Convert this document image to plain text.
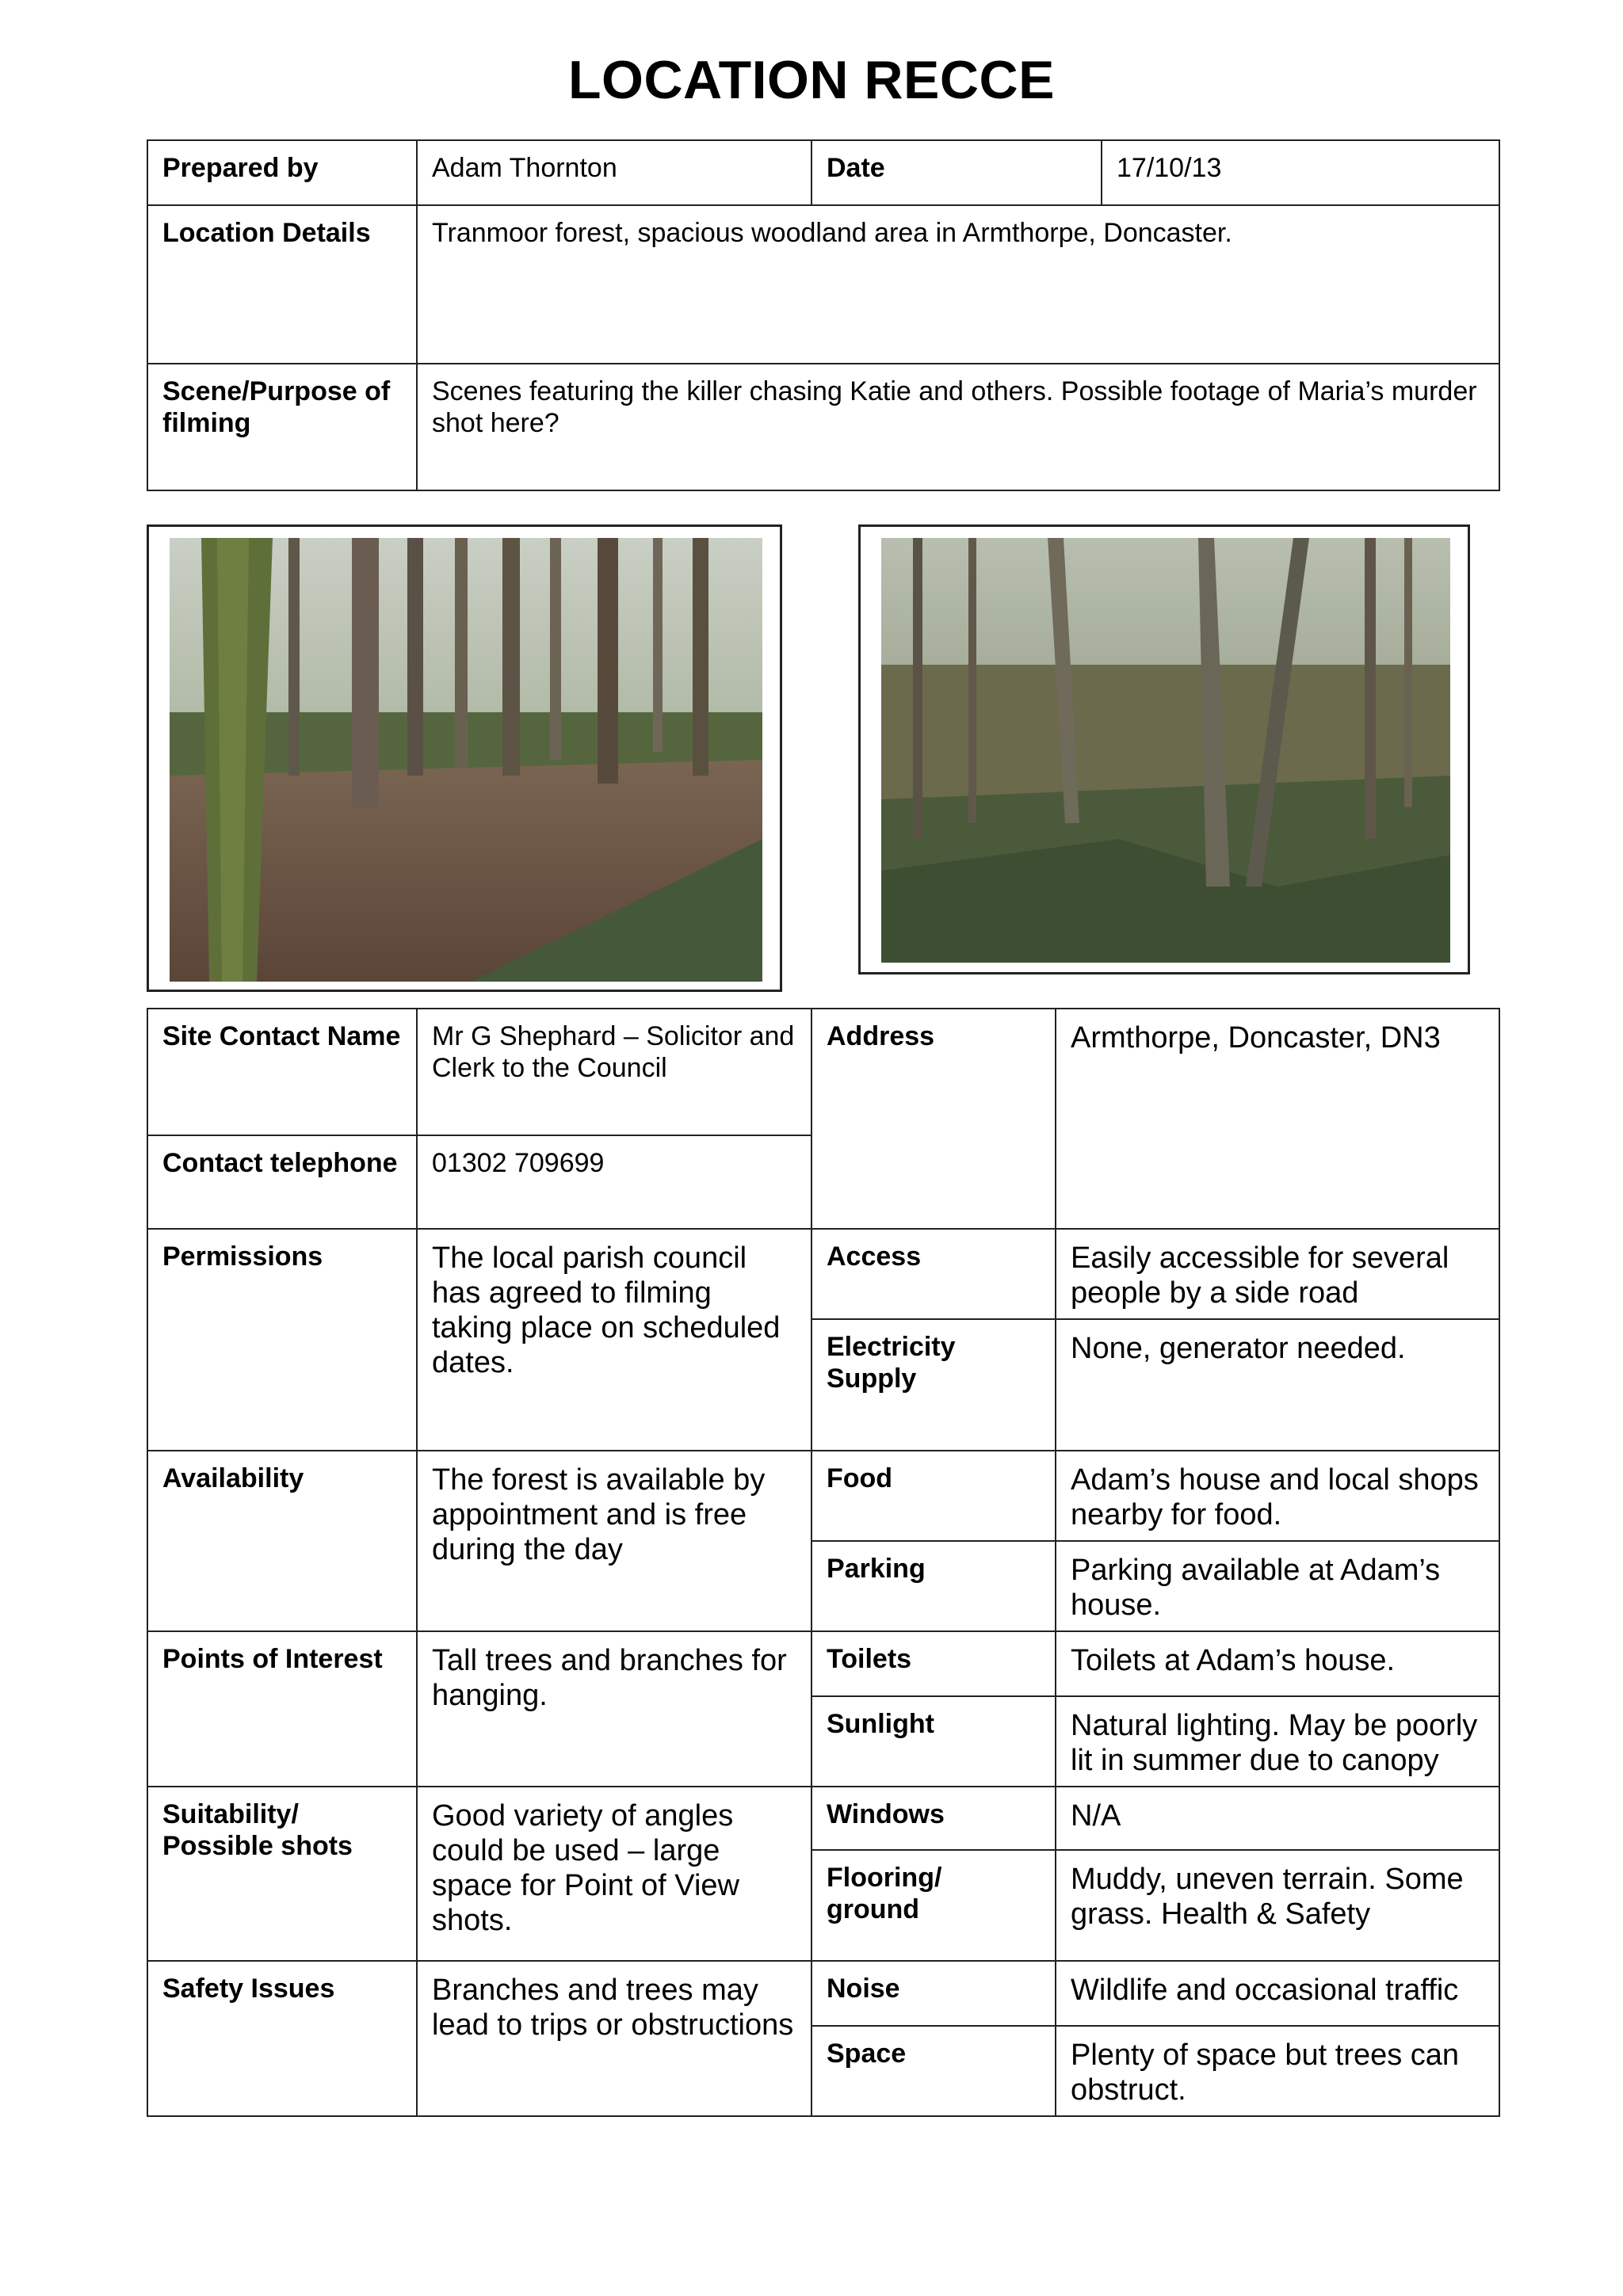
LOCATION RECCE
Prepared by	Adam Thornton	Date	17/10/13
Location Details	Tranmoor forest, spacious woodland area in Armthorpe, Doncaster.		
Scene/Purpose of filming	Scenes featuring the killer chasing Katie and others. Possible footage of Maria’s murder shot here?		
Site Contact Name	Mr G Shephard – Solicitor and Clerk to the Council	Address	Armthorpe, Doncaster, DN3
Contact telephone	01302 709699		
Permissions	The local parish council has agreed to filming taking place on scheduled dates.	Access	Easily accessible for several people by a side road
		Electricity Supply	None, generator needed.
Availability	The forest is available by appointment and is free during the day	Food	Adam’s house and local shops nearby for food.
		Parking	Parking available at Adam’s house.
Points of Interest	Tall trees and branches for hanging.	Toilets	Toilets at Adam’s house.
		Sunlight	Natural lighting. May be poorly lit in summer due to canopy
Suitability/ Possible shots	Good variety of angles could be used – large space for Point of View shots.	Windows	N/A
		Flooring/ ground	Muddy, uneven terrain. Some grass. Health & Safety
Safety Issues	Branches and trees may lead to trips or obstructions	Noise	Wildlife and occasional traffic
		Space	Plenty of space but trees can obstruct.
